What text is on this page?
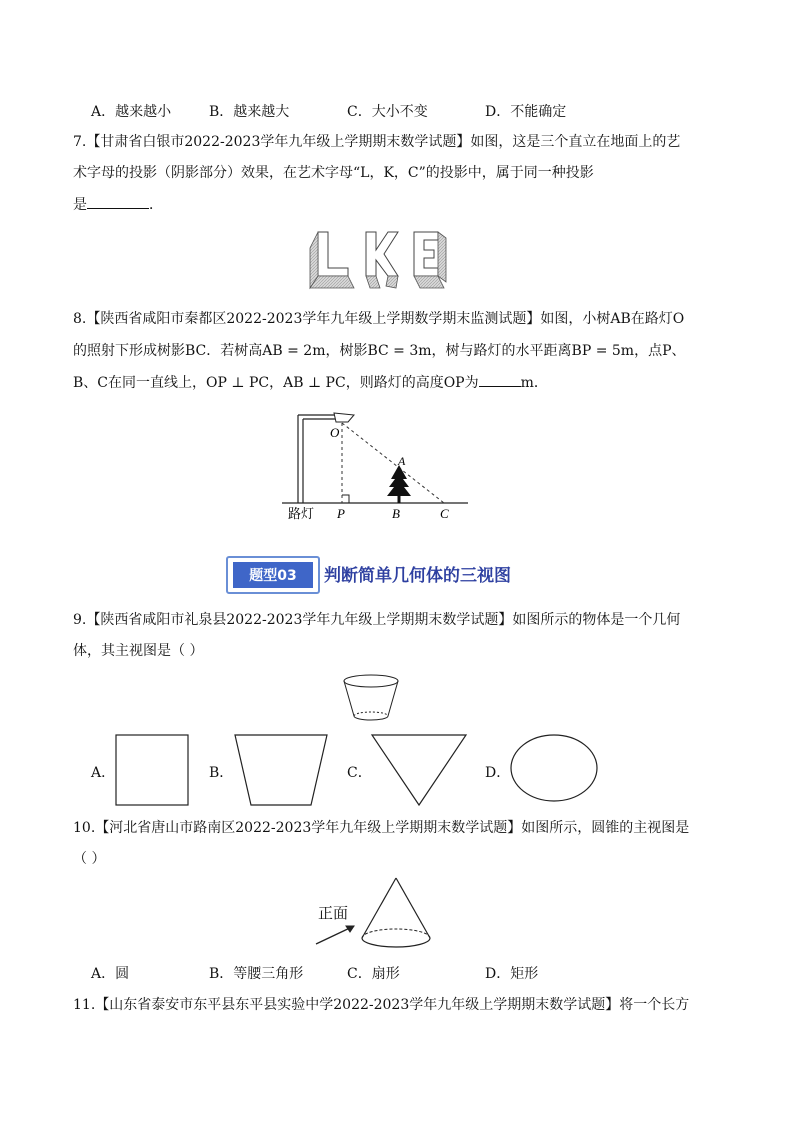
A．越来越小	B．越来越大	C．大小不变	D．不能确定
7.【甘肃省白银市2022-2023学年九年级上学期期末数学试题】如图，这是三个直立在地面上的艺
术字母的投影（阴影部分）效果，在艺术字母“L，K，C”的投影中，属于同一种投影
是	．
8.【陕西省咸阳市秦都区2022-2023学年九年级上学期数学期末监测试题】如图，小树AB在路灯O
的照射下形成树影BC．若树高AB = 2m，树影BC = 3m，树与路灯的水平距离BP = 5m，点P、
B、C在同一直线上，OP ⊥ PC，AB ⊥ PC，则路灯的高度OP为	m．
O
A
P	B	C
路灯
题型03	判断简单几何体的三视图
9.【陕西省咸阳市礼泉县2022-2023学年九年级上学期期末数学试题】如图所示的物体是一个几何
体，其主视图是（ ）
A．	B．	C．	D．
10.【河北省唐山市路南区2022-2023学年九年级上学期期末数学试题】如图所示，圆锥的主视图是
（ ）
正面
A．圆	B．等腰三角形	C．扇形	D．矩形
11.【山东省泰安市东平县东平县实验中学2022-2023学年九年级上学期期末数学试题】将一个长方
